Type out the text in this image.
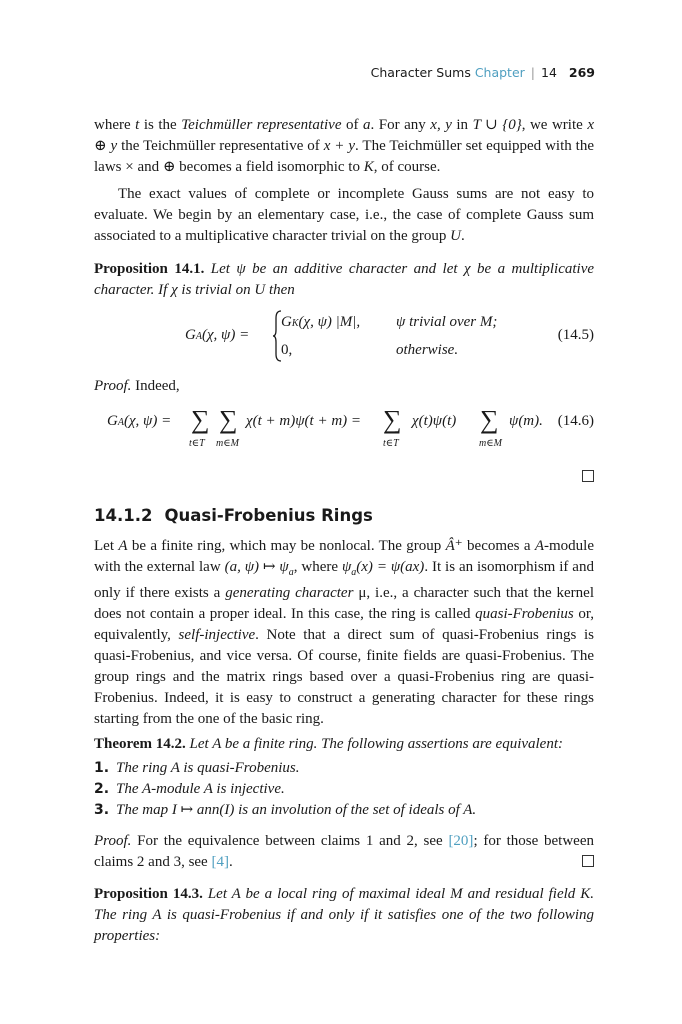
Character Sums Chapter | 14 269

where t is the Teichmüller representative of a. For any x, y in T ∪ {0}, we write x ⊕ y the Teichmüller representative of x + y. The Teichmüller set equipped with the laws × and ⊕ becomes a field isomorphic to K, of course.

The exact values of complete or incomplete Gauss sums are not easy to evaluate. We begin by an elementary case, i.e., the case of complete Gauss sum associated to a multiplicative character trivial on the group U.

Proposition 14.1. Let ψ be an additive character and let χ be a multiplicative character. If χ is trivial on U then

GA(χ, ψ) =
GK(χ, ψ) |M|, ψ trivial over M;
0,	otherwise.
(14.5)

Proof. Indeed,

GA(χ, ψ) = ∑ ∑ χ(t + m)ψ(t + m) = ∑ χ(t)ψ(t) ∑ ψ(m).
t∈T m∈M	t∈T	m∈M
(14.6)
14.1.2 Quasi-Frobenius Rings

Let A be a finite ring, which may be nonlocal. The group Â⁺ becomes a A-module with the external law (a, ψ) ↦ $\psi_a$, where $\psi_a(x) = \psi(ax)$. It is an isomorphism if and only if there exists a generating character μ, i.e., a character such that the kernel does not contain a proper ideal. In this case, the ring is called quasi-Frobenius or, equivalently, self-injective. Note that a direct sum of quasi-Frobenius rings is quasi-Frobenius, and vice versa. Of course, finite fields are quasi-Frobenius. The group rings and the matrix rings based over a quasi-Frobenius ring are quasi-Frobenius. Indeed, it is easy to construct a generating character for these rings starting from the one of the basic ring.

Theorem 14.2. Let A be a finite ring. The following assertions are equivalent:

1. The ring A is quasi-Frobenius.
2. The A-module A is injective.
3. The map I ↦ ann(I) is an involution of the set of ideals of A.

Proof. For the equivalence between claims 1 and 2, see [20]; for those between claims 2 and 3, see [4].

Proposition 14.3. Let A be a local ring of maximal ideal M and residual field K. The ring A is quasi-Frobenius if and only if it satisfies one of the two following properties:
